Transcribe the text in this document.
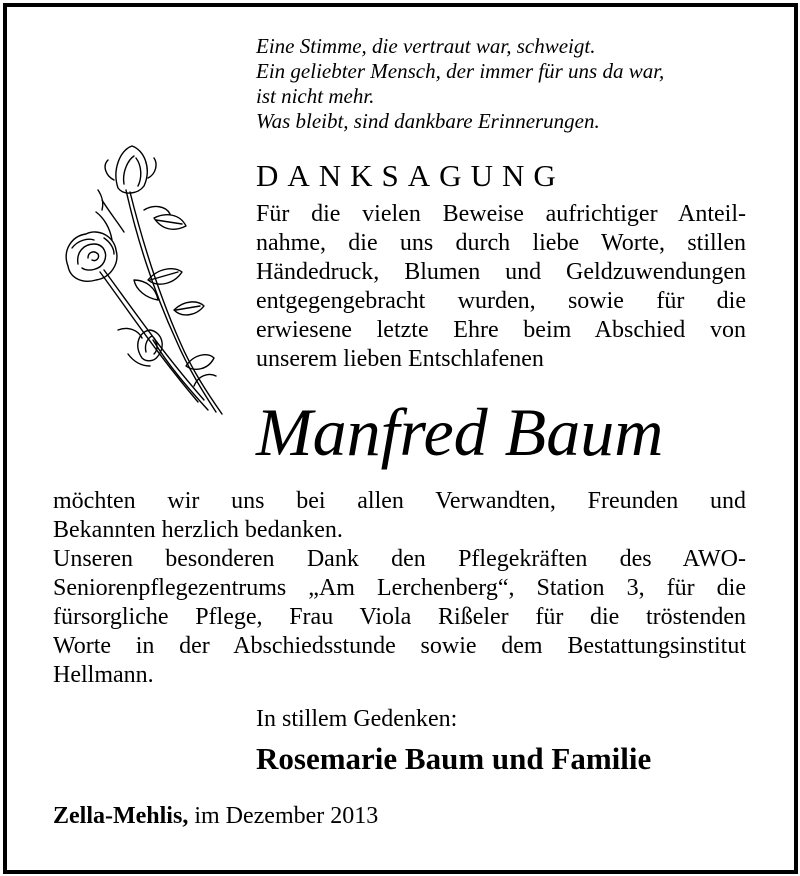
Eine Stimme, die vertraut war, schweigt.
Ein geliebter Mensch, der immer für uns da war,
ist nicht mehr.
Was bleibt, sind dankbare Erinnerungen.
DANKSAGUNG
Für die vielen Beweise aufrichtiger Anteil-
nahme, die uns durch liebe Worte, stillen
Händedruck, Blumen und Geldzuwendungen
entgegengebracht wurden, sowie für die
erwiesene letzte Ehre beim Abschied von
unserem lieben Entschlafenen
Manfred Baum
möchten wir uns bei allen Verwandten, Freunden und
Bekannten herzlich bedanken.
Unseren besonderen Dank den Pflegekräften des AWO-
Seniorenpflegezentrums „Am Lerchenberg“, Station 3, für die
fürsorgliche Pflege, Frau Viola Rißeler für die tröstenden
Worte in der Abschiedsstunde sowie dem Bestattungsinstitut
Hellmann.
In stillem Gedenken:
Rosemarie Baum und Familie
Zella-Mehlis, im Dezember 2013
